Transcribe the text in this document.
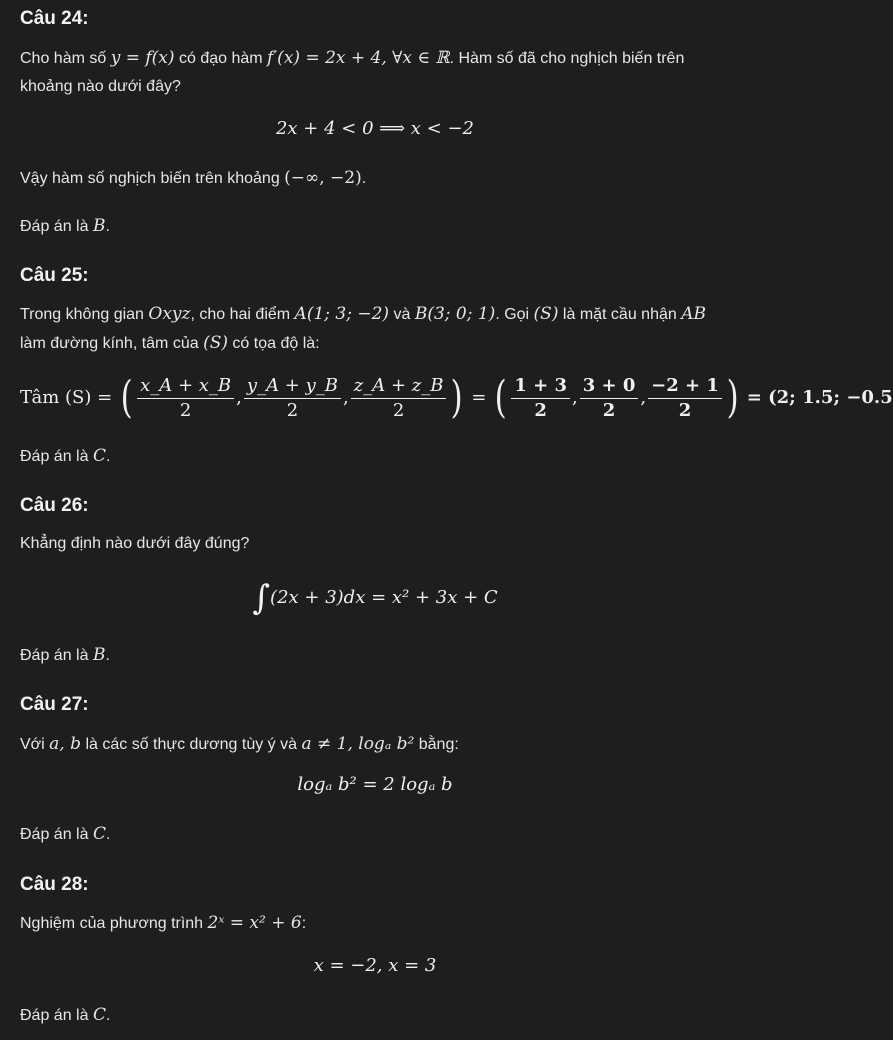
Câu 24:
Cho hàm số y = f(x) có đạo hàm f′(x) = 2x + 4, ∀x ∈ ℝ. Hàm số đã cho nghịch biến trên
khoảng nào dưới đây?
2x + 4 < 0 ⟹ x < −2
Vậy hàm số nghịch biến trên khoảng (−∞, −2).
Đáp án là B.
Câu 25:
Trong không gian Oxyz, cho hai điểm A(1; 3; −2) và B(3; 0; 1). Gọi (S) là mặt cầu nhận AB
làm đường kính, tâm của (S) có tọa độ là:
Tâm (S) = ( $\frac{x\_A + x\_B}{2}$ , $\frac{y\_A + y\_B}{2}$ , $\frac{z\_A + z\_B}{2}$ ) = ( $\frac{1 + 3}{2}$ , $\frac{3 + 0}{2}$ , $\frac{-2 + 1}{2}$ ) = (2; 1.5; −0.5
Đáp án là C.
Câu 26:
Khẳng định nào dưới đây đúng?
∫(2x + 3)dx = x² + 3x + C
Đáp án là B.
Câu 27:
Với a, b là các số thực dương tùy ý và a ≠ 1, logₐ b² bằng:
logₐ b² = 2 logₐ b
Đáp án là C.
Câu 28:
Nghiệm của phương trình 2ˣ = x² + 6:
x = −2, x = 3
Đáp án là C.
